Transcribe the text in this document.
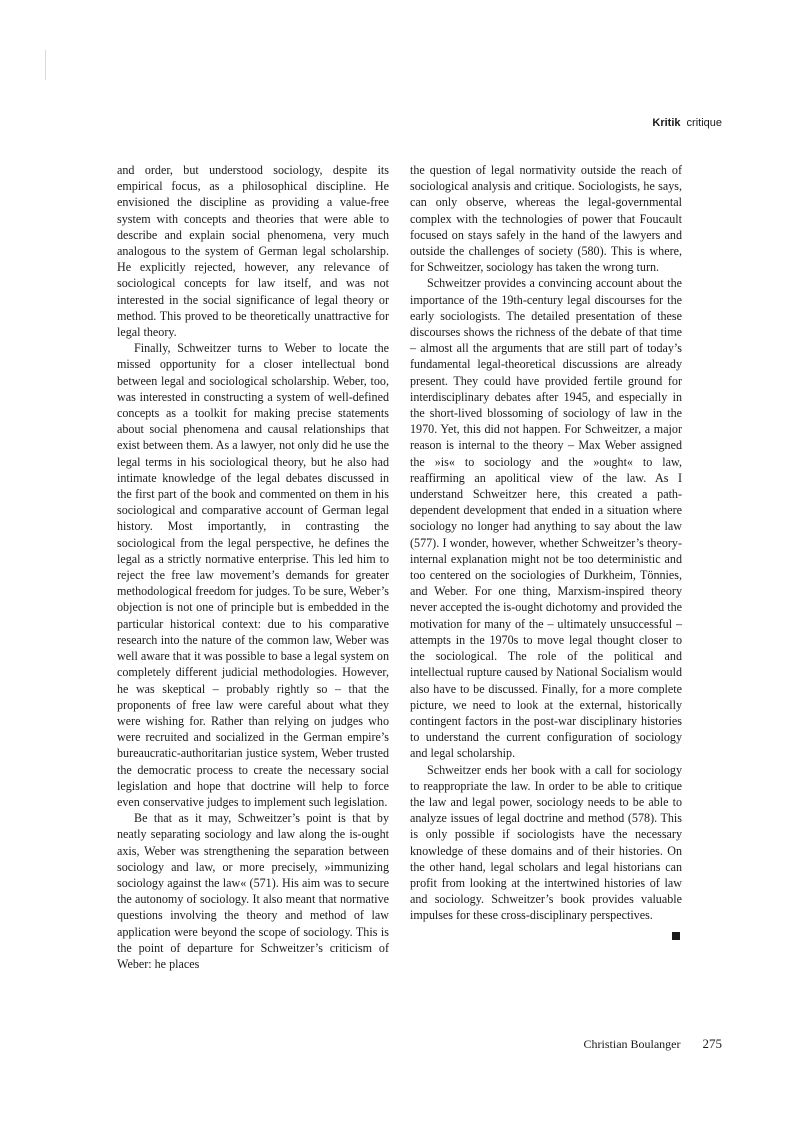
Kritik critique

and order, but understood sociology, despite its empirical focus, as a philosophical discipline. He envisioned the discipline as providing a value-free system with concepts and theories that were able to describe and explain social phenomena, very much analogous to the system of German legal scholarship. He explicitly rejected, however, any relevance of sociological concepts for law itself, and was not interested in the social significance of legal theory or method. This proved to be theoretically unattractive for legal theory.

Finally, Schweitzer turns to Weber to locate the missed opportunity for a closer intellectual bond between legal and sociological scholarship. Weber, too, was interested in constructing a system of well-defined concepts as a toolkit for making precise statements about social phenomena and causal relationships that exist between them. As a lawyer, not only did he use the legal terms in his sociological theory, but he also had intimate knowledge of the legal debates discussed in the first part of the book and commented on them in his sociological and comparative account of German legal history. Most importantly, in contrasting the sociological from the legal perspective, he defines the legal as a strictly normative enterprise. This led him to reject the free law movement’s demands for greater methodological freedom for judges. To be sure, Weber’s objection is not one of principle but is embedded in the particular historical context: due to his comparative research into the nature of the common law, Weber was well aware that it was possible to base a legal system on completely different judicial methodologies. However, he was skeptical – probably rightly so – that the proponents of free law were careful about what they were wishing for. Rather than relying on judges who were recruited and socialized in the German empire’s bureaucratic-authoritarian justice system, Weber trusted the democratic process to create the necessary social legislation and hope that doctrine will help to force even conservative judges to implement such legislation.

Be that as it may, Schweitzer’s point is that by neatly separating sociology and law along the is-ought axis, Weber was strengthening the separation between sociology and law, or more precisely, »immunizing sociology against the law« (571). His aim was to secure the autonomy of sociology. It also meant that normative questions involving the theory and method of law application were beyond the scope of sociology. This is the point of departure for Schweitzer’s criticism of Weber: he places

the question of legal normativity outside the reach of sociological analysis and critique. Sociologists, he says, can only observe, whereas the legal-governmental complex with the technologies of power that Foucault focused on stays safely in the hand of the lawyers and outside the challenges of society (580). This is where, for Schweitzer, sociology has taken the wrong turn.

Schweitzer provides a convincing account about the importance of the 19th-century legal discourses for the early sociologists. The detailed presentation of these discourses shows the richness of the debate of that time – almost all the arguments that are still part of today’s fundamental legal-theoretical discussions are already present. They could have provided fertile ground for interdisciplinary debates after 1945, and especially in the short-lived blossoming of sociology of law in the 1970. Yet, this did not happen. For Schweitzer, a major reason is internal to the theory – Max Weber assigned the »is« to sociology and the »ought« to law, reaffirming an apolitical view of the law. As I understand Schweitzer here, this created a path-dependent development that ended in a situation where sociology no longer had anything to say about the law (577). I wonder, however, whether Schweitzer’s theory-internal explanation might not be too deterministic and too centered on the sociologies of Durkheim, Tönnies, and Weber. For one thing, Marxism-inspired theory never accepted the is-ought dichotomy and provided the motivation for many of the – ultimately unsuccessful – attempts in the 1970s to move legal thought closer to the sociological. The role of the political and intellectual rupture caused by National Socialism would also have to be discussed. Finally, for a more complete picture, we need to look at the external, historically contingent factors in the post-war disciplinary histories to understand the current configuration of sociology and legal scholarship.

Schweitzer ends her book with a call for sociology to reappropriate the law. In order to be able to critique the law and legal power, sociology needs to be able to analyze issues of legal doctrine and method (578). This is only possible if sociologists have the necessary knowledge of these domains and of their histories. On the other hand, legal scholars and legal historians can profit from looking at the intertwined histories of law and sociology. Schweitzer’s book provides valuable impulses for these cross-disciplinary perspectives.

Christian Boulanger 275
